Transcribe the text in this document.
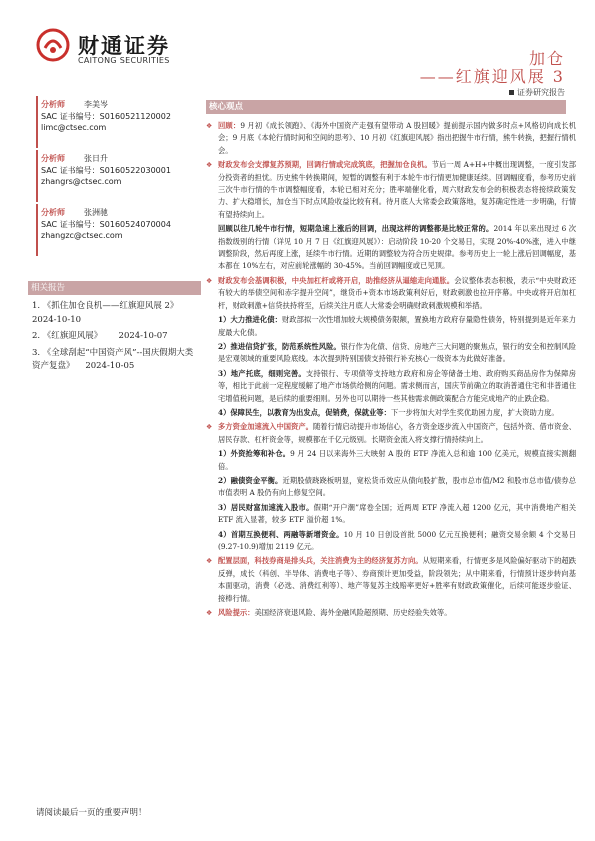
财通证券
CAITONG SECURITIES	加仓
——红旗迎风展 3
证券研究报告
分析师 李美岑
SAC 证书编号：S0160521120002
limc@ctsec.com
分析师 张日升
SAC 证书编号：S0160522030001
zhangrs@ctsec.com
分析师 张洲驰
SAC 证书编号：S0160524070004
zhangzc@ctsec.com
相关报告
1. 《抓住加仓良机——红旗迎风展 2》
2024-10-10
2. 《红旗迎风展》 2024-10-07
3. 《全球刮起“中国资产风”--国庆假期大类资产复盘》 2024-10-05
核心观点
❖ 回顾：9 月初《成长领跑》、《海外中国资产走强有望带动 A 股回暖》提前提示国内做多时点+风格切向成长机会；9 月底《本轮行情时间和空间的思考》、10 月初《红旗迎风展》指出把握牛市行情，熊牛转换，把握行情机会。
❖ 财政发布会支撑复苏预期，回调行情或完成筑底，把握加仓良机。节后一周 A+H+中概出现调整，一度引发部分投资者的担忧。历史熊牛转换期间，短暂的调整有利于本轮牛市行情更加健康延续。回调幅度看，参考历史前三次牛市行情的牛市调整幅度看，本轮已相对充分；胜率端催化看，周六财政发布会的积极表态将接续政策发力、扩大稳增长，加仓当下时点风险收益比较有利。待月底人大常委会政策落地，复苏确定性进一步明确，行情有望持续向上。
回顾以往几轮牛市行情，短期急速上涨后的回调，出现这样的调整都是比较正常的。2014 年以来出现过 6 次指数级别的行情（详见 10 月 7 日《红旗迎风展》）：启动阶段 10-20 个交易日，实现 20%-40%涨，进入中继调整阶段，然后再度上涨，延续牛市行情。近期的调整较为符合历史规律。参考历史上一轮上涨后回调幅度，基本都在 10%左右，对应前轮涨幅的 30-45%。当前回调幅度或已见顶。
❖ 财政发布会基调积极，中央加杠杆或将开启，助推经济从逼缩走向通胀。会议整体表态积极，表示“中央财政还有较大的举债空间和赤字提升空间”，继货币+资本市场政策利好后，财政刺激也拉开序幕。中央或将开启加杠杆，财政刺激+信贷扶持将至，后续关注月底人大常委会明确财政刺激规模和举措。
1）大力推进化债：财政部拟一次性增加较大规模债务限额，置换地方政府存量隐性债务，特别提到是近年来力度最大化债。
2）推进信贷扩张，防范系统性风险。银行作为化债、信贷、房地产三大问题的聚焦点，银行的安全和控制风险是宏观领域的重要风险底线。本次提到特别国债支持银行补充核心一级资本为此做好准备。
3）地产托底，细则完善。支持银行、专项债等支持地方政府和房企等储备土地、政府购买商品房作为保障房等，相比于此前一定程度缓解了地产市场供给侧的问题。需求侧而言，国庆节前确立的取消普通住宅和非普通住宅增值税问题，是后续的重要细则。另外也可以期待一些其他需求侧政策配合方能完成地产的止跌企稳。
4）保障民生，以教育为出发点，促销费，保就业等：下一步将加大对学生奖优助困力度，扩大资助力度。
❖ 多方资金加速流入中国资产。随着行情启动提升市场信心，各方资金逐步流入中国资产，包括外资、借市资金、居民存款、杠杆资金等，规模都在千亿元级别。长期资金流入将支撑行情持续向上。
1）外资抢筹和补仓。9 月 24 日以来海外三大映射 A 股的 ETF 净流入总和逾 100 亿美元，规模直接实测翻倍。
2）融债资金平衡。近期股债跷跷板明显，宽松货币效应从债向股扩散，股市总市值/M2 和股市总市值/债券总市值表明 A 股仍有向上修复空间。
3）居民财富加速流入股市。假期“开户潮”席卷全国；近两周 ETF 净流入超 1200 亿元，其中消费地产相关 ETF 流入显著，较多 ETF 溢价超 1%。
4）首期互换便利、两融等新增资金。10 月 10 日创设首批 5000 亿元互换便利；融资交易余额 4 个交易日(9.27-10.9)增加 2119 亿元。
❖ 配置层面，科技券商是排头兵，关注消费为主的经济复苏方向。从短期来看，行情更多是风险偏好驱动下的超跌反弹，成长（科创、半导体、消费电子等）、券商预计更加受益，阶段领先；从中期来看，行情预计逐步转向基本面驱动，消费（必选、消费红利等）、地产等复苏主线赔率更好+胜率有财政政策催化，后续可能逐步验证、接棒行情。
❖ 风险提示：美国经济衰退风险、海外金融风险超预期、历史经验失效等。
请阅读最后一页的重要声明！
